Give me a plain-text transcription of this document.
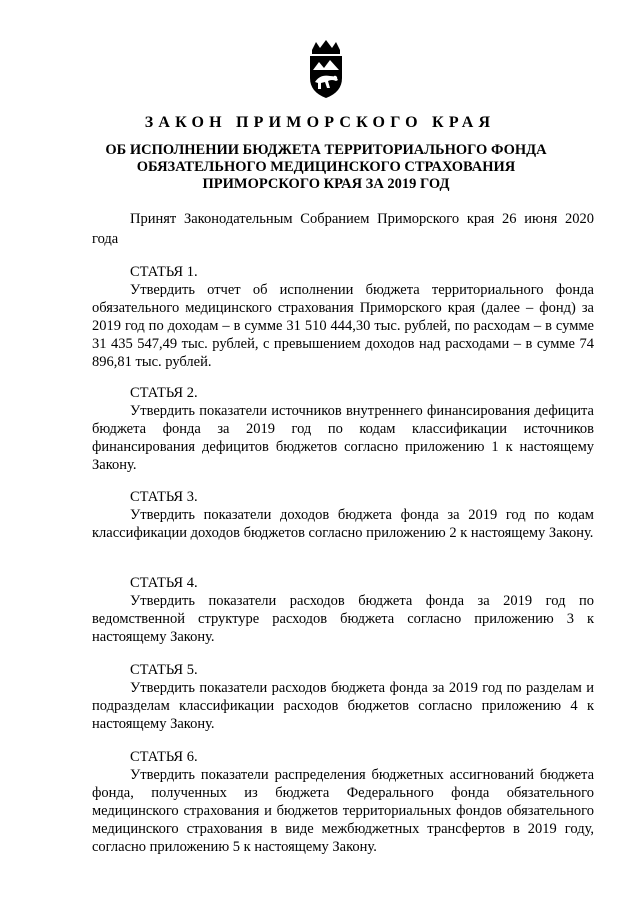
ЗАКОН ПРИМОРСКОГО КРАЯ
ОБ ИСПОЛНЕНИИ БЮДЖЕТА ТЕРРИТОРИАЛЬНОГО ФОНДА
ОБЯЗАТЕЛЬНОГО МЕДИЦИНСКОГО СТРАХОВАНИЯ
ПРИМОРСКОГО КРАЯ ЗА 2019 ГОД
Принят Законодательным Собранием Приморского края 26 июня 2020 года
СТАТЬЯ 1.

Утвердить отчет об исполнении бюджета территориального фонда обязательного медицинского страхования Приморского края (далее – фонд) за 2019 год по доходам – в сумме 31 510 444,30 тыс. рублей, по расходам – в сумме 31 435 547,49 тыс. рублей, с превышением доходов над расходами – в сумме 74 896,81 тыс. рублей.

СТАТЬЯ 2.

Утвердить показатели источников внутреннего финансирования дефицита бюджета фонда за 2019 год по кодам классификации источников финансирования дефицитов бюджетов согласно приложению 1 к настоящему Закону.

СТАТЬЯ 3.

Утвердить показатели доходов бюджета фонда за 2019 год по кодам классификации доходов бюджетов согласно приложению 2 к настоящему Закону.

СТАТЬЯ 4.

Утвердить показатели расходов бюджета фонда за 2019 год по ведомственной структуре расходов бюджета согласно приложению 3 к настоящему Закону.

СТАТЬЯ 5.

Утвердить показатели расходов бюджета фонда за 2019 год по разделам и подразделам классификации расходов бюджетов согласно приложению 4 к настоящему Закону.

СТАТЬЯ 6.

Утвердить показатели распределения бюджетных ассигнований бюджета фонда, полученных из бюджета Федерального фонда обязательного медицинского страхования и бюджетов территориальных фондов обязательного медицинского страхования в виде межбюджетных трансфертов в 2019 году, согласно приложению 5 к настоящему Закону.
